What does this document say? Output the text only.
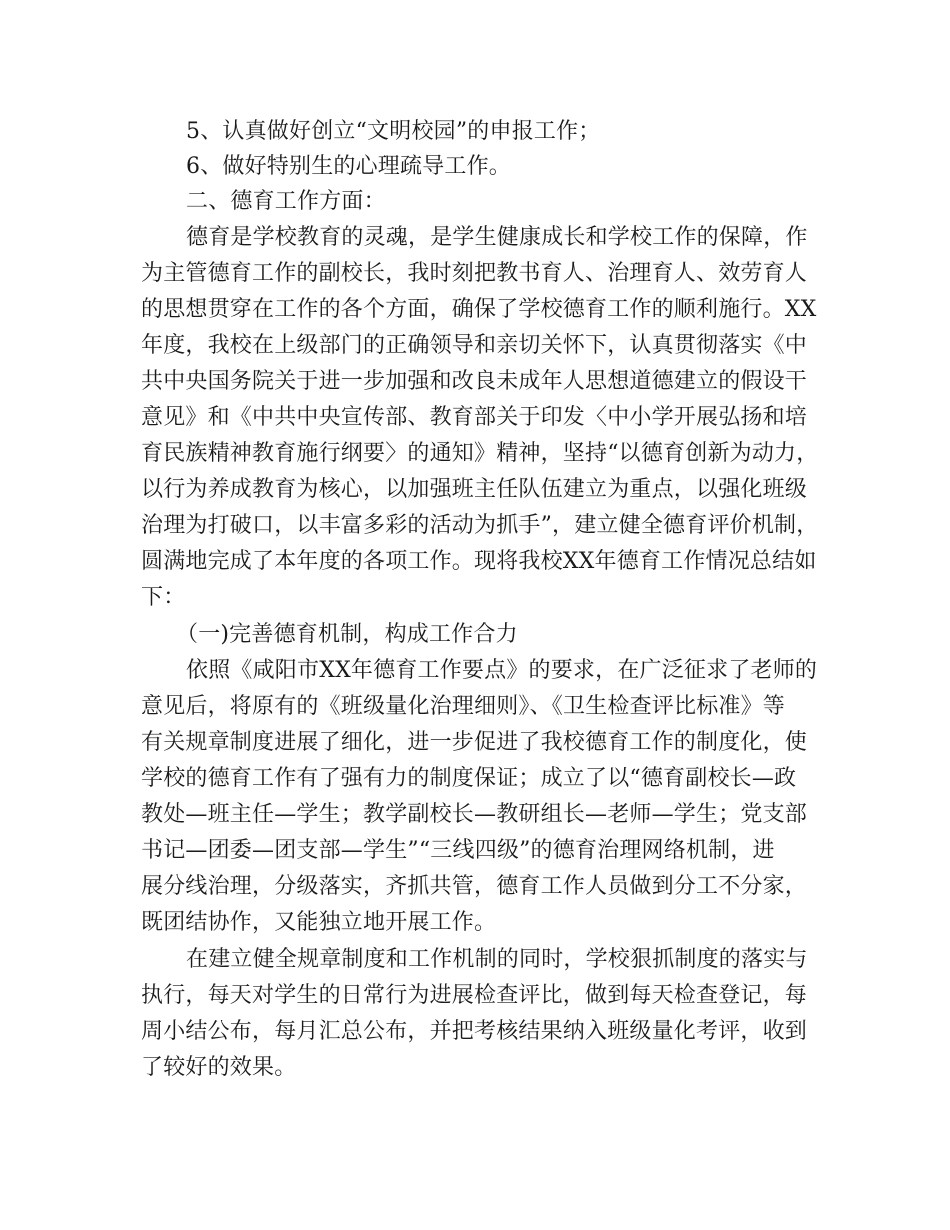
5、认真做好创立“文明校园”的申报工作；
6、做好特别生的心理疏导工作。
二、德育工作方面：
德育是学校教育的灵魂，是学生健康成长和学校工作的保障，作
为主管德育工作的副校长，我时刻把教书育人、治理育人、效劳育人
的思想贯穿在工作的各个方面，确保了学校德育工作的顺利施行。XX
年度，我校在上级部门的正确领导和亲切关怀下，认真贯彻落实《中
共中央国务院关于进一步加强和改良未成年人思想道德建立的假设干
意见》和《中共中央宣传部、教育部关于印发〈中小学开展弘扬和培
育民族精神教育施行纲要〉的通知》精神，坚持“以德育创新为动力，
以行为养成教育为核心，以加强班主任队伍建立为重点，以强化班级
治理为打破口，以丰富多彩的活动为抓手”，建立健全德育评价机制，
圆满地完成了本年度的各项工作。现将我校XX年德育工作情况总结如
下：
（一)完善德育机制，构成工作合力
依照《咸阳市XX年德育工作要点》的要求，在广泛征求了老师的
意见后，将原有的《班级量化治理细则》、《卫生检查评比标准》等
有关规章制度进展了细化，进一步促进了我校德育工作的制度化，使
学校的德育工作有了强有力的制度保证；成立了以“德育副校长—政
教处—班主任—学生；教学副校长—教研组长—老师—学生；党支部
书记—团委—团支部—学生”“三线四级”的德育治理网络机制，进
展分线治理，分级落实，齐抓共管，德育工作人员做到分工不分家，
既团结协作，又能独立地开展工作。
在建立健全规章制度和工作机制的同时，学校狠抓制度的落实与
执行，每天对学生的日常行为进展检查评比，做到每天检查登记，每
周小结公布，每月汇总公布，并把考核结果纳入班级量化考评，收到
了较好的效果。
